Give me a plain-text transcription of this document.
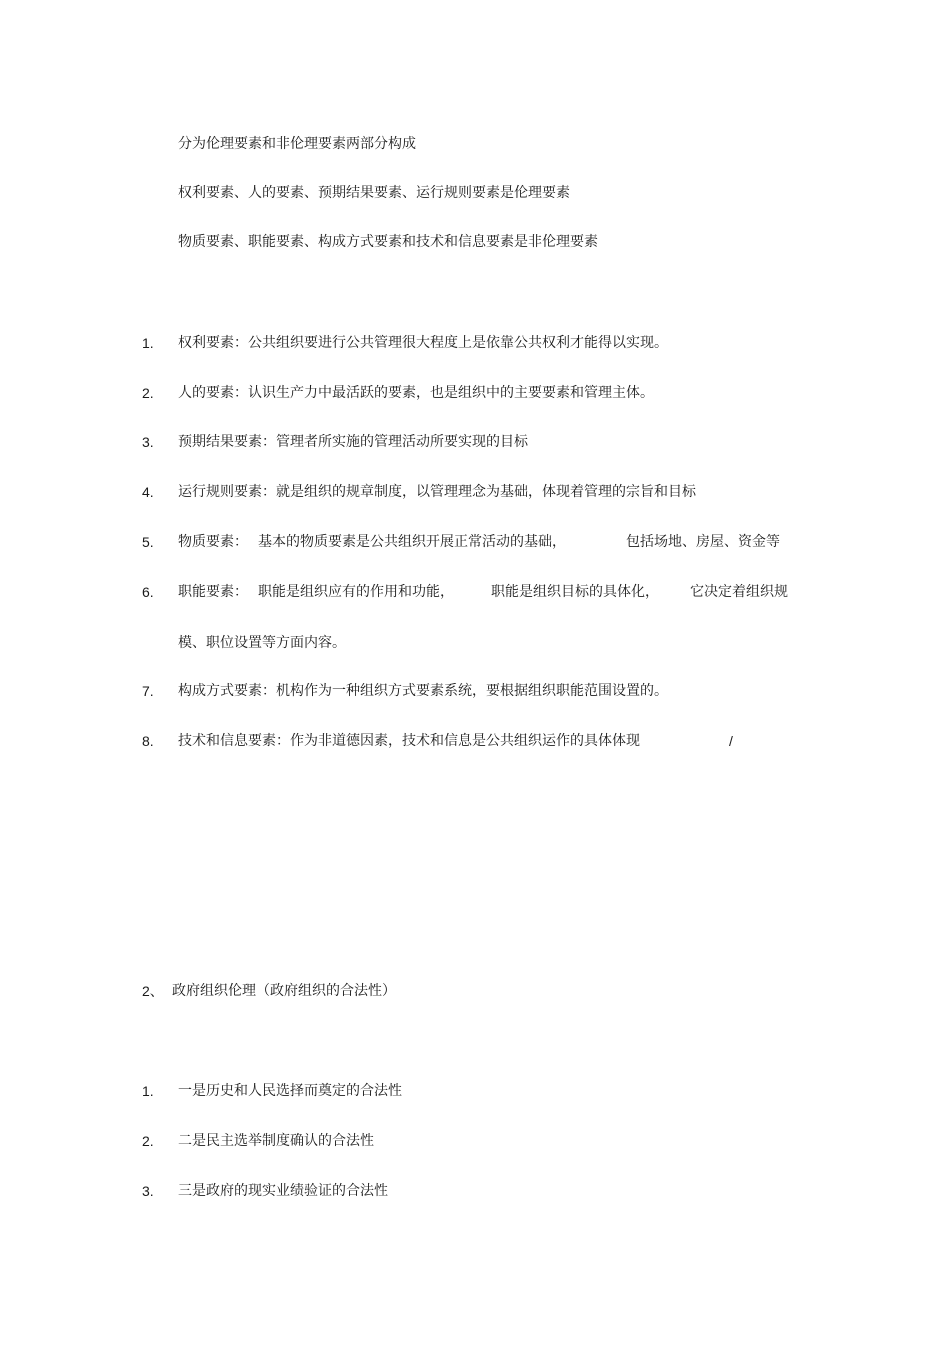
分为伦理要素和非伦理要素两部分构成

权利要素、人的要素、预期结果要素、运行规则要素是伦理要素

物质要素、职能要素、构成方式要素和技术和信息要素是非伦理要素

1. 权利要素：公共组织要进行公共管理很大程度上是依靠公共权利才能得以实现。
2. 人的要素：认识生产力中最活跃的要素，也是组织中的主要要素和管理主体。
3. 预期结果要素：管理者所实施的管理活动所要实现的目标
4. 运行规则要素：就是组织的规章制度，以管理理念为基础，体现着管理的宗旨和目标
5. 物质要素： 基本的物质要素是公共组织开展正常活动的基础，	包括场地、房屋、资金等
6. 职能要素： 职能是组织应有的作用和功能，	职能是组织目标的具体化， 它决定着组织规

模、职位设置等方面内容。

7. 构成方式要素：机构作为一种组织方式要素系统，要根据组织职能范围设置的。
8. 技术和信息要素：作为非道德因素，技术和信息是公共组织运作的具体体现	/
2、 政府组织伦理（政府组织的合法性）
1. 一是历史和人民选择而奠定的合法性
2. 二是民主选举制度确认的合法性
3. 三是政府的现实业绩验证的合法性
